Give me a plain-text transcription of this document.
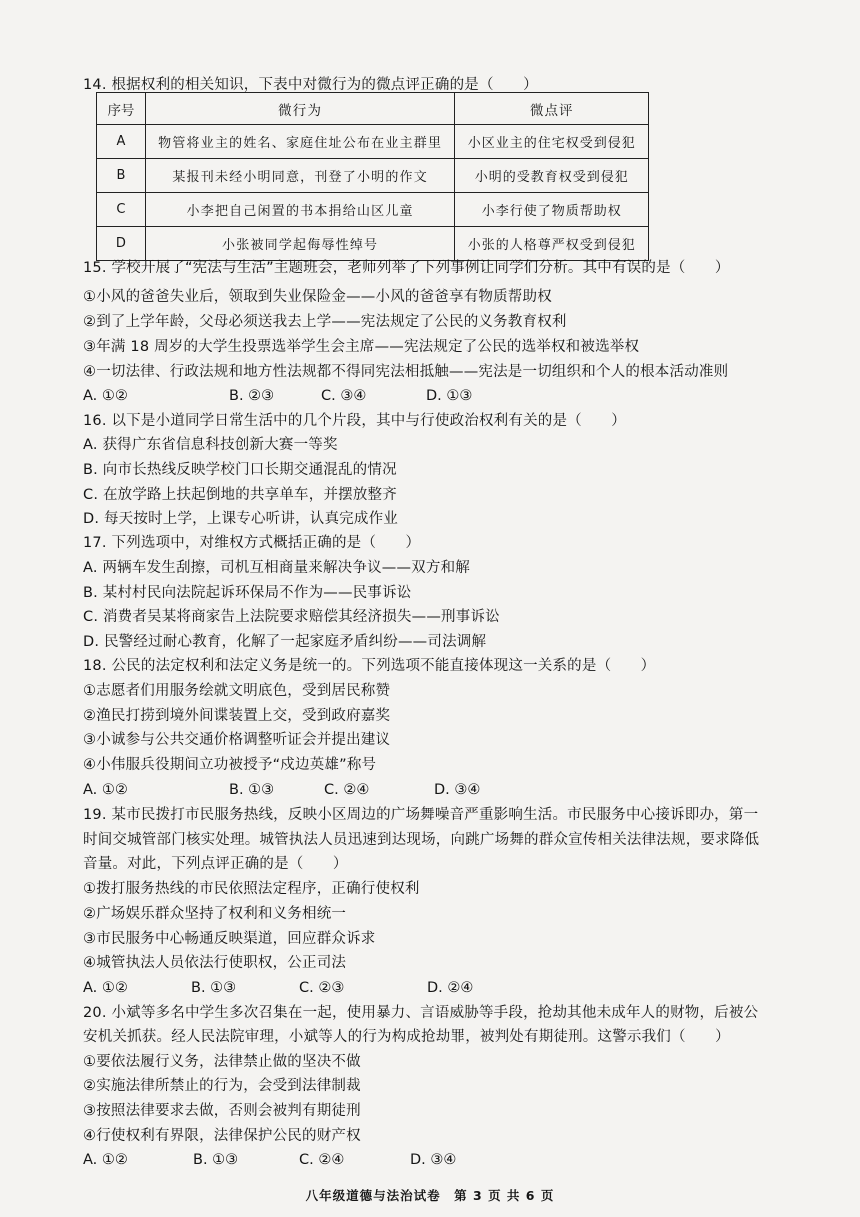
14. 根据权利的相关知识，下表中对微行为的微点评正确的是（　　）
序号	微行为	微点评
A	物管将业主的姓名、家庭住址公布在业主群里	小区业主的住宅权受到侵犯
B	某报刊未经小明同意，刊登了小明的作文	小明的受教育权受到侵犯
C	小李把自己闲置的书本捐给山区儿童	小李行使了物质帮助权
D	小张被同学起侮辱性绰号	小张的人格尊严权受到侵犯
15. 学校开展了“宪法与生活”主题班会，老师列举了下列事例让同学们分析。其中有误的是（　　）
①小风的爸爸失业后，领取到失业保险金——小风的爸爸享有物质帮助权
②到了上学年龄，父母必须送我去上学——宪法规定了公民的义务教育权利
③年满 18 周岁的大学生投票选举学生会主席——宪法规定了公民的选举权和被选举权
④一切法律、行政法规和地方性法规都不得同宪法相抵触——宪法是一切组织和个人的根本活动准则
A. ①②	B. ②③	C. ③④	D. ①③
16. 以下是小道同学日常生活中的几个片段，其中与行使政治权利有关的是（　　）
A. 获得广东省信息科技创新大赛一等奖
B. 向市长热线反映学校门口长期交通混乱的情况
C. 在放学路上扶起倒地的共享单车，并摆放整齐
D. 每天按时上学，上课专心听讲，认真完成作业
17. 下列选项中，对维权方式概括正确的是（　　）
A. 两辆车发生刮擦，司机互相商量来解决争议——双方和解
B. 某村村民向法院起诉环保局不作为——民事诉讼
C. 消费者吴某将商家告上法院要求赔偿其经济损失——刑事诉讼
D. 民警经过耐心教育，化解了一起家庭矛盾纠纷——司法调解
18. 公民的法定权利和法定义务是统一的。下列选项不能直接体现这一关系的是（　　）
①志愿者们用服务绘就文明底色，受到居民称赞
②渔民打捞到境外间谍装置上交，受到政府嘉奖
③小诚参与公共交通价格调整听证会并提出建议
④小伟服兵役期间立功被授予“戍边英雄”称号
A. ①②	B. ①③	C. ②④	D. ③④
19. 某市民拨打市民服务热线，反映小区周边的广场舞噪音严重影响生活。市民服务中心接诉即办，第一
时间交城管部门核实处理。城管执法人员迅速到达现场，向跳广场舞的群众宣传相关法律法规，要求降低
音量。对此，下列点评正确的是（　　）
①拨打服务热线的市民依照法定程序，正确行使权利
②广场娱乐群众坚持了权利和义务相统一
③市民服务中心畅通反映渠道，回应群众诉求
④城管执法人员依法行使职权，公正司法
A. ①②	B. ①③	C. ②③	D. ②④
20. 小斌等多名中学生多次召集在一起，使用暴力、言语威胁等手段，抢劫其他未成年人的财物，后被公
安机关抓获。经人民法院审理，小斌等人的行为构成抢劫罪，被判处有期徒刑。这警示我们（　　）
①要依法履行义务，法律禁止做的坚决不做
②实施法律所禁止的行为，会受到法律制裁
③按照法律要求去做，否则会被判有期徒刑
④行使权利有界限，法律保护公民的财产权
A. ①②	B. ①③	C. ②④	D. ③④
八年级道德与法治试卷　第 3 页 共 6 页
